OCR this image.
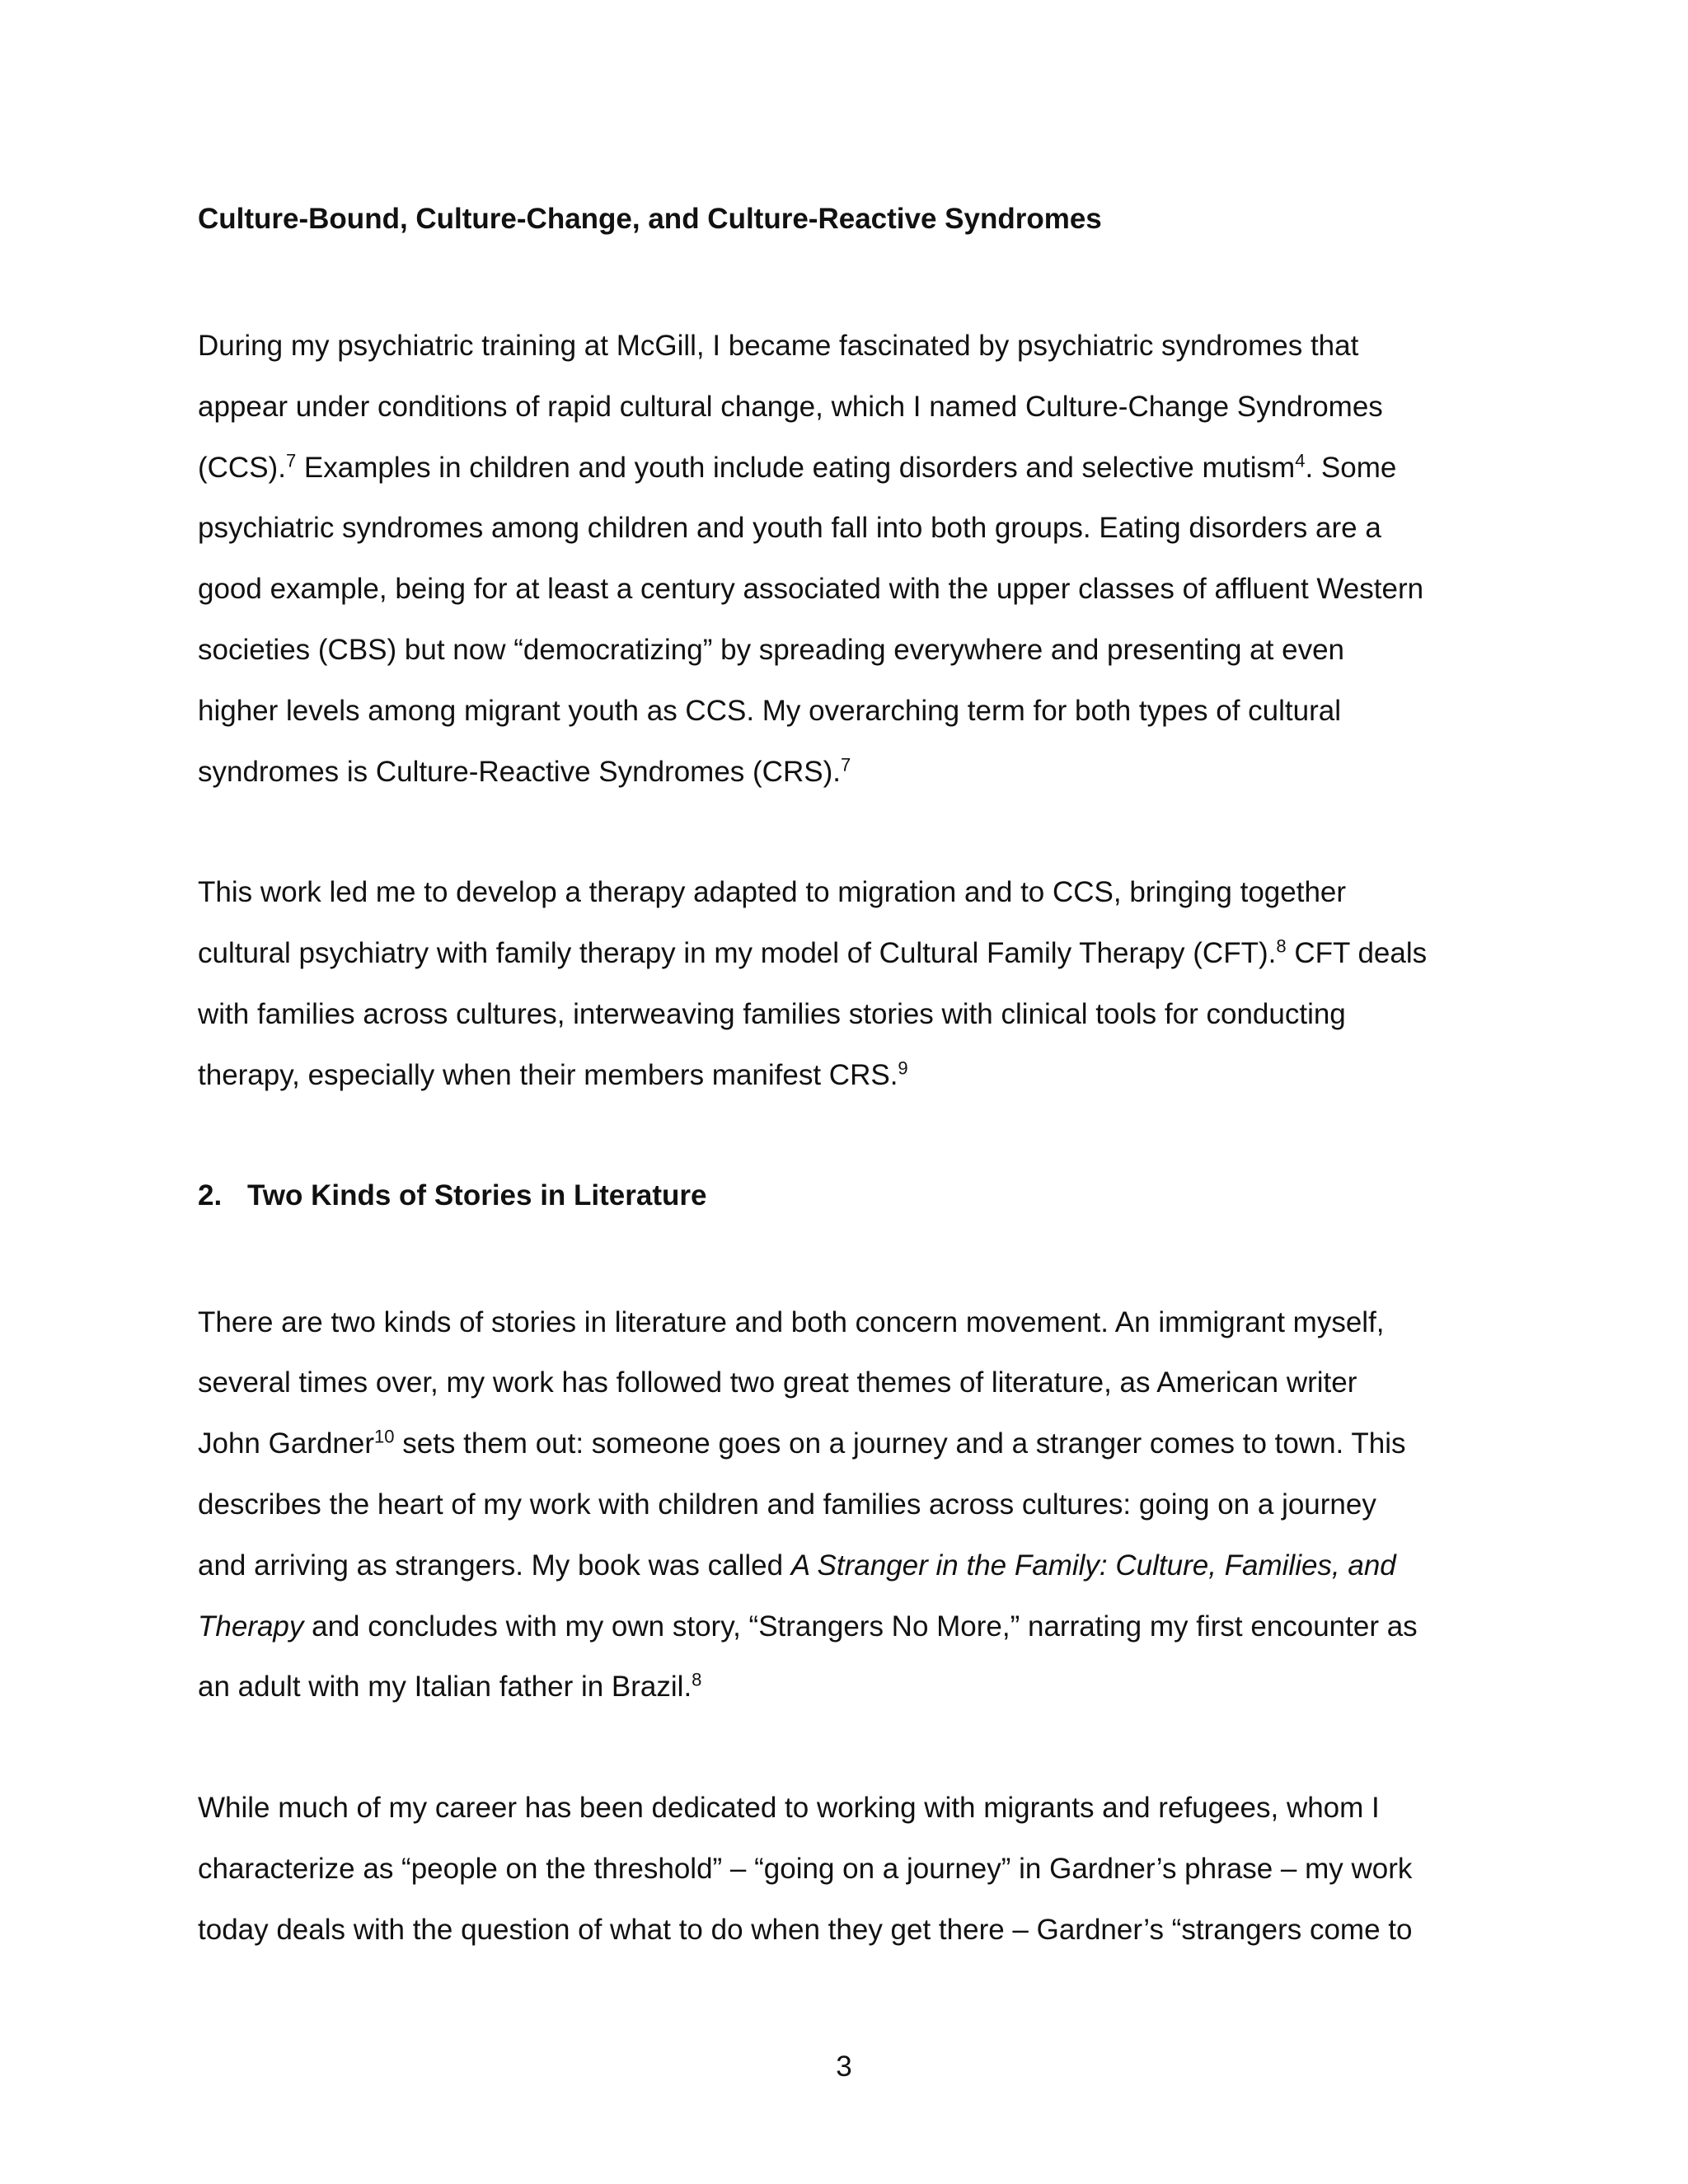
Culture-Bound, Culture-Change, and Culture-Reactive Syndromes

During my psychiatric training at McGill, I became fascinated by psychiatric syndromes that
appear under conditions of rapid cultural change, which I named Culture-Change Syndromes
(CCS).$^7$ Examples in children and youth include eating disorders and selective mutism$^4$. Some
psychiatric syndromes among children and youth fall into both groups. Eating disorders are a
good example, being for at least a century associated with the upper classes of affluent Western
societies (CBS) but now “democratizing” by spreading everywhere and presenting at even
higher levels among migrant youth as CCS. My overarching term for both types of cultural
syndromes is Culture-Reactive Syndromes (CRS).$^7$

This work led me to develop a therapy adapted to migration and to CCS, bringing together
cultural psychiatry with family therapy in my model of Cultural Family Therapy (CFT).$^8$ CFT deals
with families across cultures, interweaving families stories with clinical tools for conducting
therapy, especially when their members manifest CRS.$^9$

2. Two Kinds of Stories in Literature

There are two kinds of stories in literature and both concern movement. An immigrant myself,
several times over, my work has followed two great themes of literature, as American writer
John Gardner$^{10}$ sets them out: someone goes on a journey and a stranger comes to town. This
describes the heart of my work with children and families across cultures: going on a journey
and arriving as strangers. My book was called A Stranger in the Family: Culture, Families, and
Therapy and concludes with my own story, “Strangers No More,” narrating my first encounter as
an adult with my Italian father in Brazil.$^8$

While much of my career has been dedicated to working with migrants and refugees, whom I
characterize as “people on the threshold” – “going on a journey” in Gardner’s phrase – my work
today deals with the question of what to do when they get there – Gardner’s “strangers come to

3
